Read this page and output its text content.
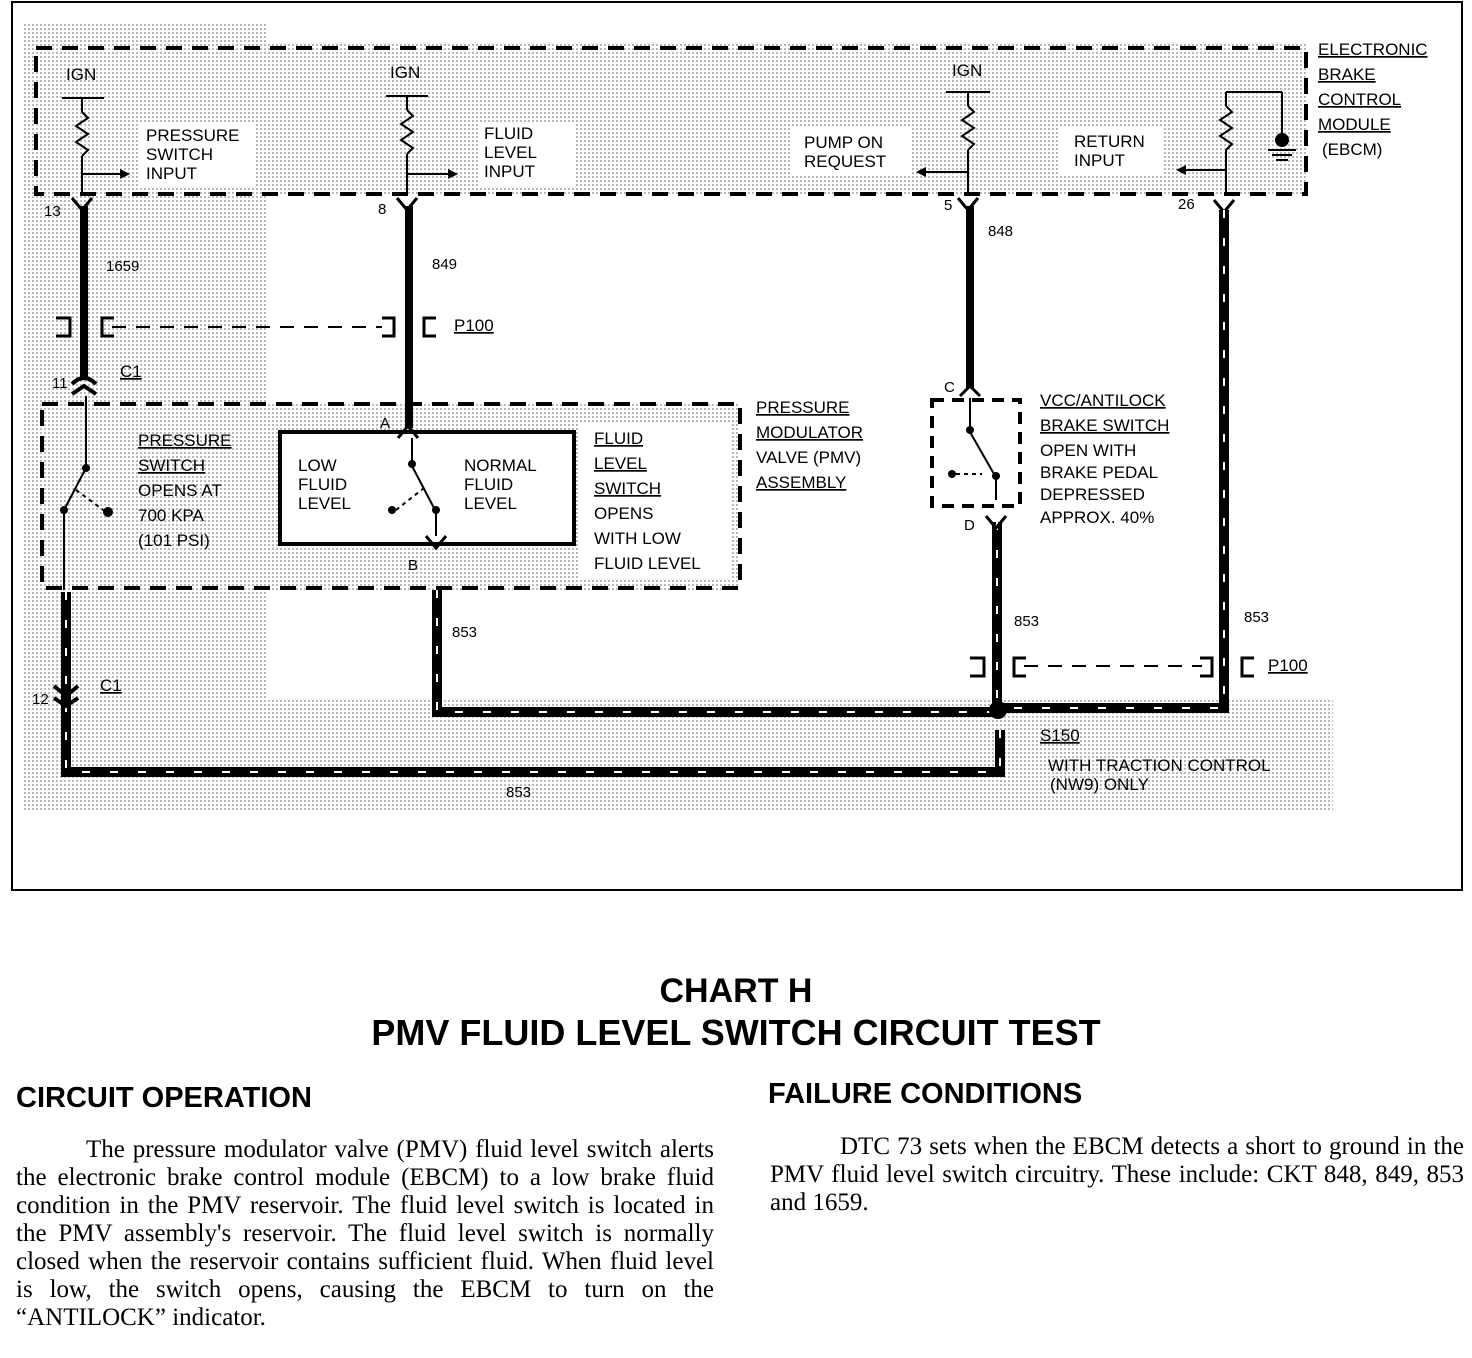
ELECTRONIC
BRAKE
CONTROL
MODULE
(EBCM)
IGN	IGN	IGN
PRESSURE
SWITCH
INPUT
FLUID
LEVEL
INPUT
PUMP ON
REQUEST
RETURN
INPUT
13	8	5	26
11
12
1659	849
848
853
853	853
853
P100
P100
C1
C1
S150
A
B
C
D
PRESSURE
SWITCH
OPENS AT
700 KPA
(101 PSI)
LOW
FLUID
LEVEL
NORMAL
FLUID
LEVEL
FLUID
LEVEL
SWITCH
OPENS
WITH LOW
FLUID LEVEL
PRESSURE
MODULATOR
VALVE (PMV)
ASSEMBLY
VCC/ANTILOCK
BRAKE SWITCH
OPEN WITH
BRAKE PEDAL
DEPRESSED
APPROX. 40%
WITH TRACTION CONTROL
(NW9) ONLY
CHART H
PMV FLUID LEVEL SWITCH CIRCUIT TEST
CIRCUIT OPERATION

The pressure modulator valve (PMV) fluid level switch alerts the electronic brake control module (EBCM) to a low brake fluid condition in the PMV reservoir. The fluid level switch is located in the PMV assembly's reservoir. The fluid level switch is normally closed when the reservoir contains sufficient fluid. When fluid level is low, the switch opens, causing the EBCM to turn on the “ANTILOCK” indicator.

FAILURE CONDITIONS

DTC 73 sets when the EBCM detects a short to ground in the PMV fluid level switch circuitry. These include: CKT 848, 849, 853 and 1659.
